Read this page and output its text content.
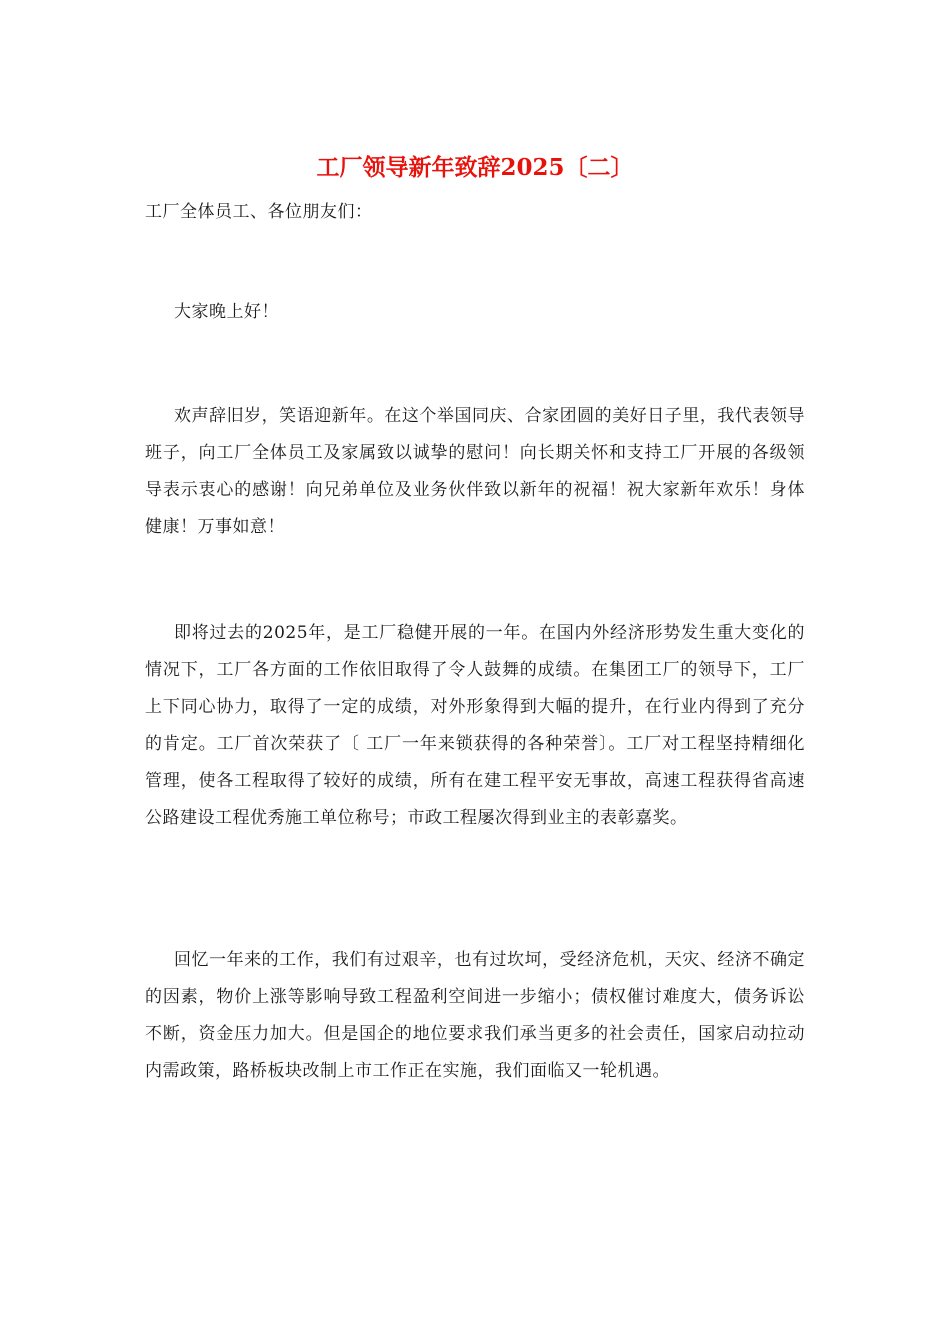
工厂领导新年致辞2025〔二〕

工厂全体员工、各位朋友们：

大家晚上好！

欢声辞旧岁，笑语迎新年。在这个举国同庆、合家团圆的美好日子里，我代表领导班子，向工厂全体员工及家属致以诚挚的慰问！向长期关怀和支持工厂开展的各级领导表示衷心的感谢！向兄弟单位及业务伙伴致以新年的祝福！祝大家新年欢乐！身体健康！万事如意！

即将过去的2025年，是工厂稳健开展的一年。在国内外经济形势发生重大变化的情况下，工厂各方面的工作依旧取得了令人鼓舞的成绩。在集团工厂的领导下，工厂上下同心协力，取得了一定的成绩，对外形象得到大幅的提升，在行业内得到了充分的肯定。工厂首次荣获了〔 工厂一年来锁获得的各种荣誉〕。工厂对工程坚持精细化管理，使各工程取得了较好的成绩，所有在建工程平安无事故，高速工程获得省高速公路建设工程优秀施工单位称号；市政工程屡次得到业主的表彰嘉奖。

回忆一年来的工作，我们有过艰辛，也有过坎坷，受经济危机，天灾、经济不确定的因素，物价上涨等影响导致工程盈利空间进一步缩小；债权催讨难度大，债务诉讼不断，资金压力加大。但是国企的地位要求我们承当更多的社会责任，国家启动拉动内需政策，路桥板块改制上市工作正在实施，我们面临又一轮机遇。
